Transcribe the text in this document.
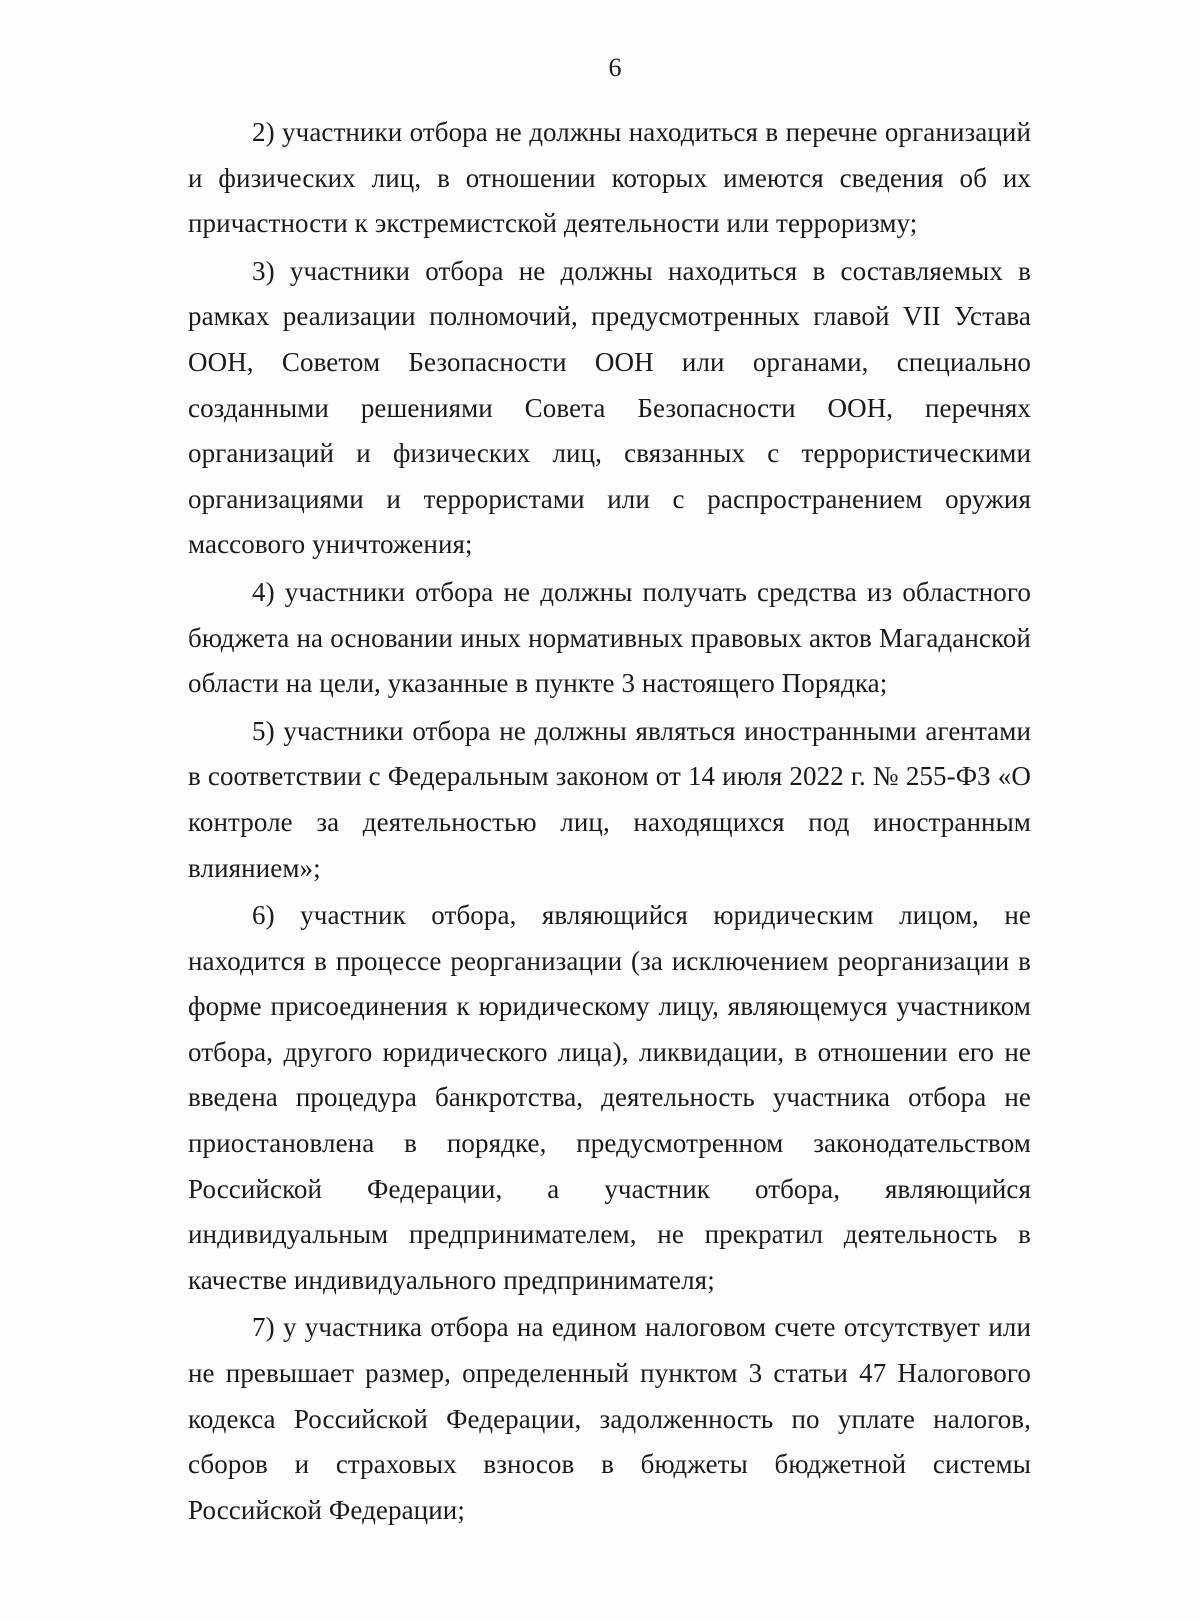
6

2) участники отбора не должны находиться в перечне организаций и физических лиц, в отношении которых имеются сведения об их причастности к экстремистской деятельности или терроризму;

3) участники отбора не должны находиться в составляемых в рамках реализации полномочий, предусмотренных главой VII Устава ООН, Советом Безопасности ООН или органами, специально созданными решениями Совета Безопасности ООН, перечнях организаций и физических лиц, связанных с террористическими организациями и террористами или с распространением оружия массового уничтожения;

4) участники отбора не должны получать средства из областного бюджета на основании иных нормативных правовых актов Магаданской области на цели, указанные в пункте 3 настоящего Порядка;

5) участники отбора не должны являться иностранными агентами в соответствии с Федеральным законом от 14 июля 2022 г. № 255-ФЗ «О контроле за деятельностью лиц, находящихся под иностранным влиянием»;

6) участник отбора, являющийся юридическим лицом, не находится в процессе реорганизации (за исключением реорганизации в форме присоединения к юридическому лицу, являющемуся участником отбора, другого юридического лица), ликвидации, в отношении его не введена процедура банкротства, деятельность участника отбора не приостановлена в порядке, предусмотренном законодательством Российской Федерации, а участник отбора, являющийся индивидуальным предпринимателем, не прекратил деятельность в качестве индивидуального предпринимателя;

7) у участника отбора на едином налоговом счете отсутствует или не превышает размер, определенный пунктом 3 статьи 47 Налогового кодекса Российской Федерации, задолженность по уплате налогов, сборов и страховых взносов в бюджеты бюджетной системы Российской Федерации;
